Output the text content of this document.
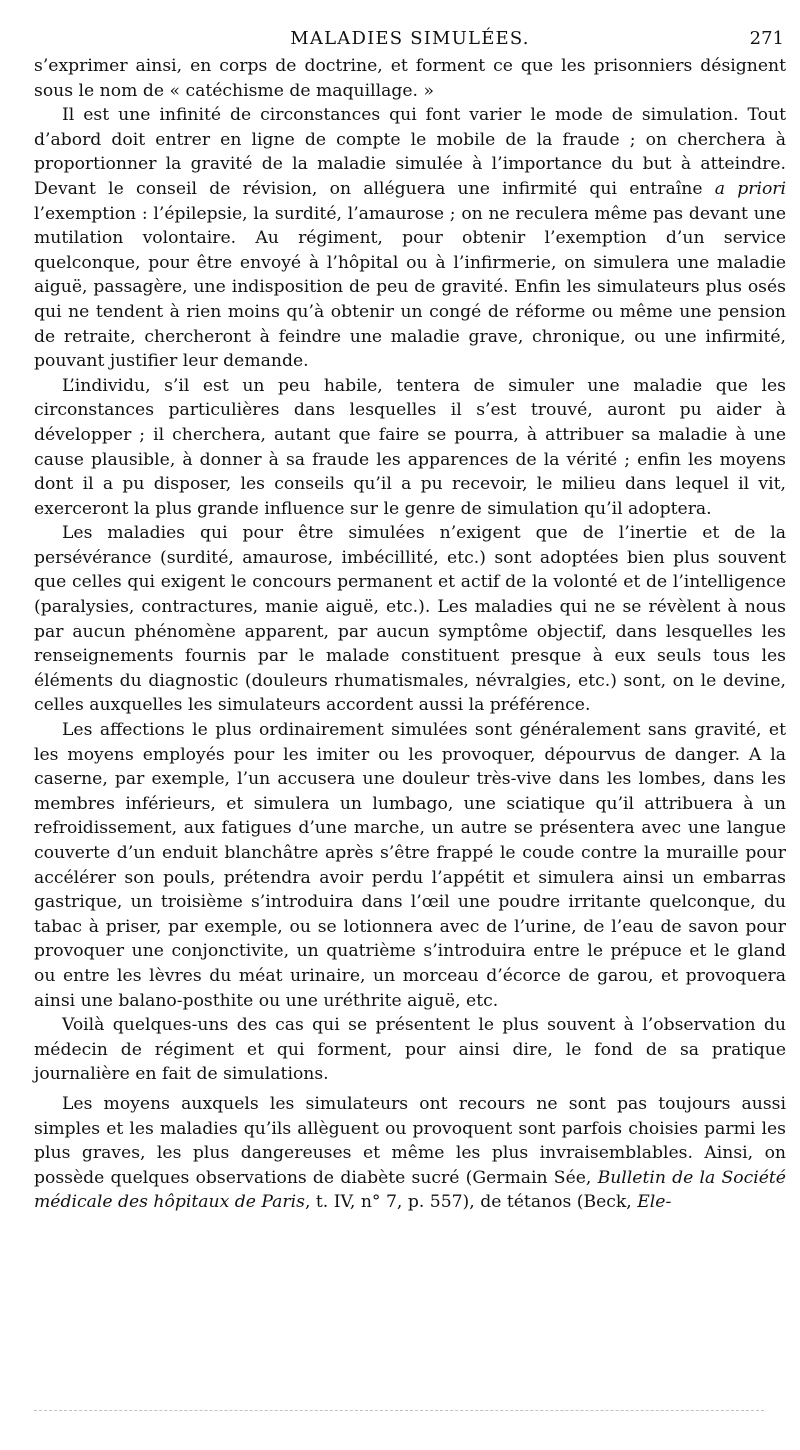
MALADIES SIMULÉES.	271

s’exprimer ainsi, en corps de doctrine, et forment ce que les prisonniers désignent sous le nom de « catéchisme de maquillage. »

Il est une infinité de circonstances qui font varier le mode de simulation. Tout d’abord doit entrer en ligne de compte le mobile de la fraude ; on cherchera à proportionner la gravité de la maladie simulée à l’importance du but à atteindre. Devant le conseil de révision, on alléguera une infirmité qui entraîne a priori l’exemption : l’épilepsie, la surdité, l’amaurose ; on ne reculera même pas devant une mutilation volontaire. Au régiment, pour obtenir l’exemption d’un service quelconque, pour être envoyé à l’hôpital ou à l’infirmerie, on simulera une maladie aiguë, passagère, une indisposition de peu de gravité. Enfin les simulateurs plus osés qui ne tendent à rien moins qu’à obtenir un congé de réforme ou même une pension de retraite, chercheront à feindre une maladie grave, chronique, ou une infirmité, pouvant justifier leur demande.

L’individu, s’il est un peu habile, tentera de simuler une maladie que les circonstances particulières dans lesquelles il s’est trouvé, auront pu aider à développer ; il cherchera, autant que faire se pourra, à attribuer sa maladie à une cause plausible, à donner à sa fraude les apparences de la vérité ; enfin les moyens dont il a pu disposer, les conseils qu’il a pu recevoir, le milieu dans lequel il vit, exerceront la plus grande influence sur le genre de simulation qu’il adoptera.

Les maladies qui pour être simulées n’exigent que de l’inertie et de la persévérance (surdité, amaurose, imbécillité, etc.) sont adoptées bien plus souvent que celles qui exigent le concours permanent et actif de la volonté et de l’intelligence (paralysies, contractures, manie aiguë, etc.). Les maladies qui ne se révèlent à nous par aucun phénomène apparent, par aucun symptôme objectif, dans lesquelles les renseignements fournis par le malade constituent presque à eux seuls tous les éléments du diagnostic (douleurs rhumatismales, névralgies, etc.) sont, on le devine, celles auxquelles les simulateurs accordent aussi la préférence.

Les affections le plus ordinairement simulées sont généralement sans gravité, et les moyens employés pour les imiter ou les provoquer, dépourvus de danger. A la caserne, par exemple, l’un accusera une douleur très-vive dans les lombes, dans les membres inférieurs, et simulera un lumbago, une sciatique qu’il attribuera à un refroidissement, aux fatigues d’une marche, un autre se présentera avec une langue couverte d’un enduit blanchâtre après s’être frappé le coude contre la muraille pour accélérer son pouls, prétendra avoir perdu l’appétit et simulera ainsi un embarras gastrique, un troisième s’introduira dans l’œil une poudre irritante quelconque, du tabac à priser, par exemple, ou se lotionnera avec de l’urine, de l’eau de savon pour provoquer une conjonctivite, un quatrième s’introduira entre le prépuce et le gland ou entre les lèvres du méat urinaire, un morceau d’écorce de garou, et provoquera ainsi une balano-posthite ou une uréthrite aiguë, etc.

Voilà quelques-uns des cas qui se présentent le plus souvent à l’observation du médecin de régiment et qui forment, pour ainsi dire, le fond de sa pratique journalière en fait de simulations.

Les moyens auxquels les simulateurs ont recours ne sont pas toujours aussi simples et les maladies qu’ils allèguent ou provoquent sont parfois choisies parmi les plus graves, les plus dangereuses et même les plus invraisemblables. Ainsi, on possède quelques observations de diabète sucré (Germain Sée, Bulletin de la Société médicale des hôpitaux de Paris, t. IV, n° 7, p. 557), de tétanos (Beck, Ele-
